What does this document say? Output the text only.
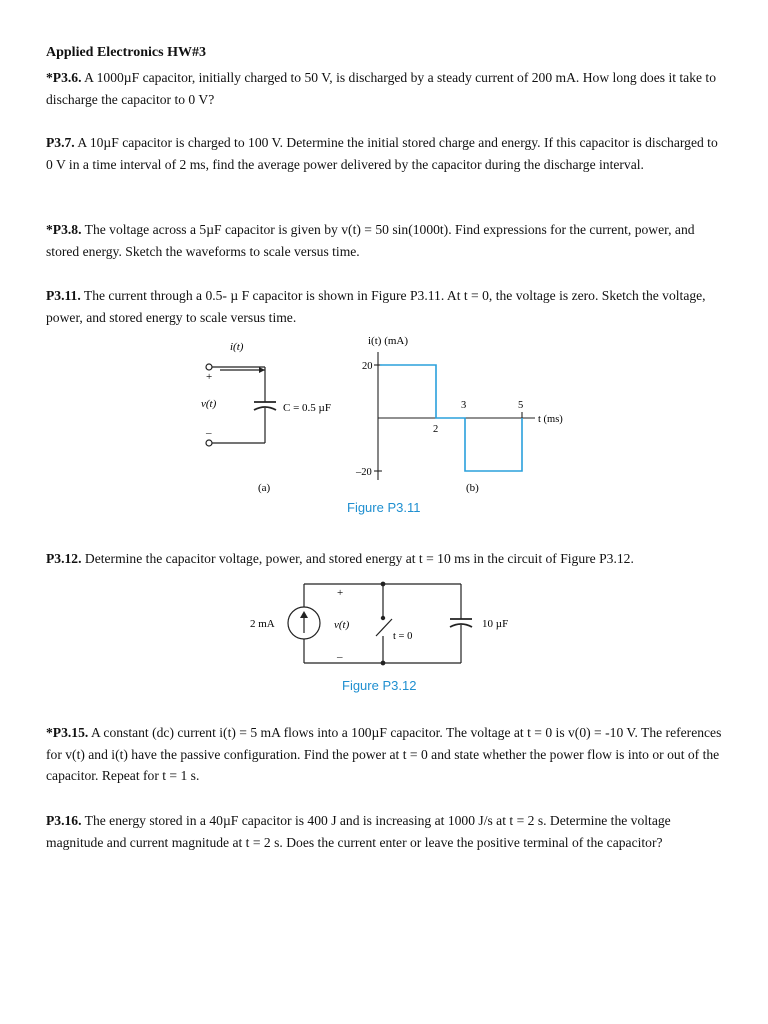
Applied Electronics HW#3
*P3.6. A 1000µF capacitor, initially charged to 50 V, is discharged by a steady current of 200 mA. How long does it take to discharge the capacitor to 0 V?
P3.7. A 10µF capacitor is charged to 100 V. Determine the initial stored charge and energy. If this capacitor is discharged to 0 V in a time interval of 2 ms, find the average power delivered by the capacitor during the discharge interval.
*P3.8. The voltage across a 5µF capacitor is given by v(t) = 50 sin(1000t). Find expressions for the current, power, and stored energy. Sketch the waveforms to scale versus time.
P3.11. The current through a 0.5- µ F capacitor is shown in Figure P3.11. At t = 0, the voltage is zero. Sketch the voltage, power, and stored energy to scale versus time.
i(t)
+
v(t)
–
C = 0.5 µF
(a)
i(t) (mA)
20
–20
2
3	5
t (ms)
(b)
Figure P3.11
P3.12. Determine the capacitor voltage, power, and stored energy at t = 10 ms in the circuit of Figure P3.12.
2 mA
+
v(t)
–
t = 0
10 µF
Figure P3.12
*P3.15. A constant (dc) current i(t) = 5 mA flows into a 100µF capacitor. The voltage at t = 0 is v(0) = -10 V. The references for v(t) and i(t) have the passive configuration. Find the power at t = 0 and state whether the power flow is into or out of the capacitor. Repeat for t = 1 s.
P3.16. The energy stored in a 40µF capacitor is 400 J and is increasing at 1000 J/s at t = 2 s. Determine the voltage magnitude and current magnitude at t = 2 s. Does the current enter or leave the positive terminal of the capacitor?
